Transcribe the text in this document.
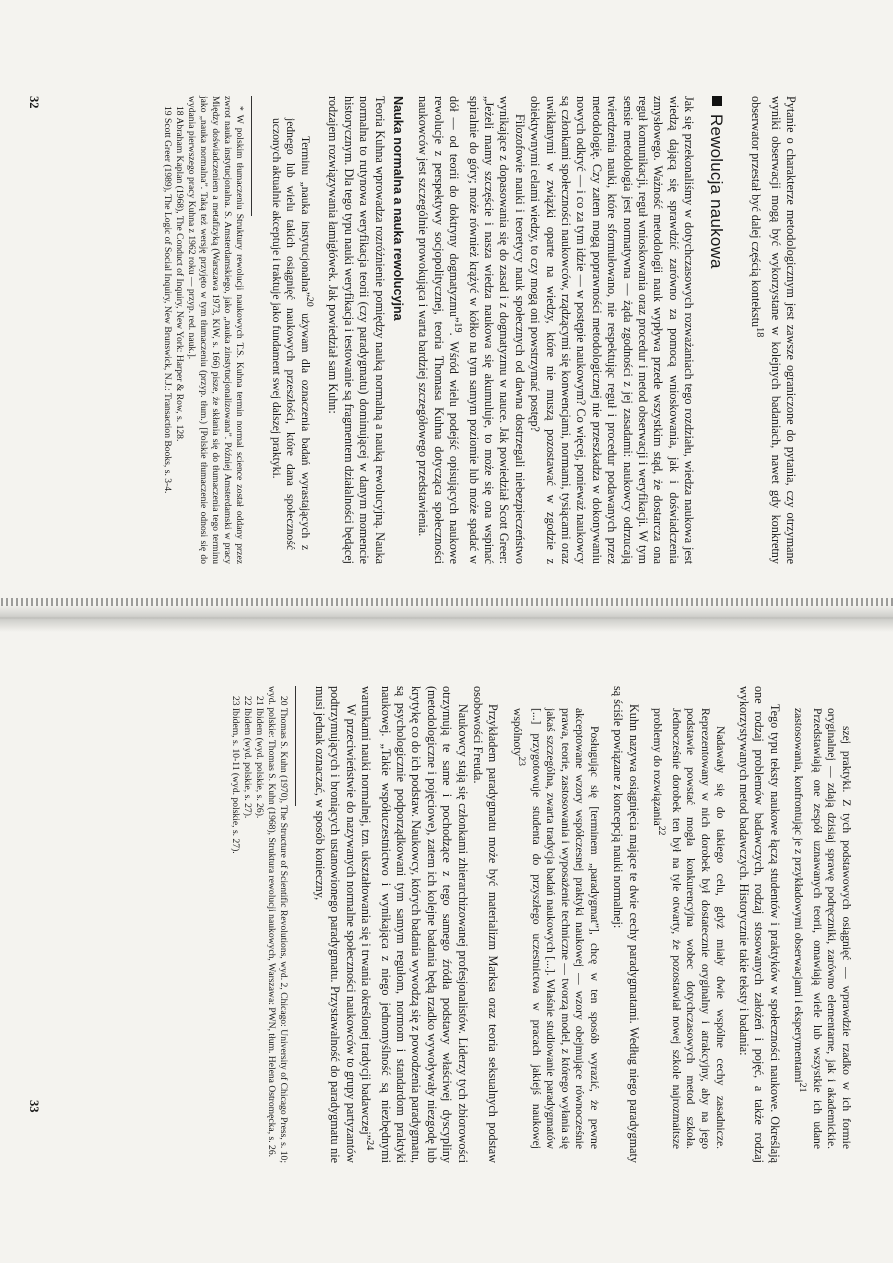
Pytanie o charakterze metodologicznym jest zawsze ograniczone do pytania, czy otrzymane wyniki obserwacji mogą być wykorzystane w kolejnych badaniach, nawet gdy konkretny obserwator przestał być dalej częścią kontekstu$^{18}$

Rewolucja naukowa

Jak się przekonaliśmy w dotychczasowych rozważaniach tego rozdziału, wiedza naukowa jest wiedzą dającą się sprawdzić zarówno za pomocą wnioskowania, jak i doświadczenia zmysłowego. Ważność metodologii nauk wypływa przede wszystkim stąd, że dostarcza ona reguł komunikacji, reguł wnioskowania oraz procedur i metod obserwacji i weryfikacji. W tym sensie metodologia jest normatywna — żąda zgodności z jej zasadami: naukowcy odrzucają twierdzenia nauki, które sformułowano, nie respektując reguł i procedur podawanych przez metodologię. Czy zatem mogą poprawności metodologicznej nie przeszkadza w dokonywaniu nowych odkryć — i co za tym idzie — w postępie naukowym? Co więcej, ponieważ naukowcy są członkami społeczności naukowców, rządzącymi się konwencjami, normami, tysiącami oraz uwikłanymi w związki oparte na wiedzy, które nie muszą pozostawać w zgodzie z obiektywnymi celami wiedzy, to czy mogą oni powstrzymać postęp?

Filozofowie nauki i teoretycy nauk społecznych od dawna dostrzegali niebezpieczeństwo wynikające z dopasowania się do zasad i z dogmatyzmu w nauce. Jak powiedział Scott Greer: „Jeżeli mamy szczęście i nasza wiedza naukowa się akumuluje, to może się ona wspinać spiralnie do góry; może również krążyć w kółko na tym samym poziomie lub może spadać w dół — od teorii do doktryny dogmatyzmu”$^{19}$. Wśród wielu podejść opisujących naukowe rewolucje z perspektywy socjopolitycznej, teoria Thomasa Kuhna dotycząca społeczności naukowców jest szczególnie prowokująca i warta bardziej szczegółowego przedstawienia.

Nauka normalna a nauka rewolucyjna

Teoria Kuhna wprowadza rozróżnienie pomiędzy nauką normalną a nauką rewolucyjną. Nauka normalna to rutynowa weryfikacja teorii (czy paradygmatu) dominującej w danym momencie historycznym. Dla tego typu nauki weryfikacja i testowanie są fragmentem działalności będącej rodzajem rozwiązywania łamigłówek. Jak powiedział sam Kuhn:

Terminu „nauka instytucjonalna”$^{20}$ używam dla oznaczenia badań wyrastających z jednego lub wielu takich osiągnięć naukowych przeszłości, które dana społeczność uczonych aktualnie akceptuje i traktuje jako fundament swej dalszej praktyki.

* W polskim tłumaczeniu Struktury rewolucji naukowych T.S. Kuhna termin normal science został oddany przez zwrot nauka instytucjonalna. S. Amsterdamskiego, jako „nauka zinstytucjonalizowana”. Później Amsterdamski w pracy Między doświadczeniem a metafizyką (Warszawa 1973, KiW, s. 166) pisze, że skłania się do tłumaczenia tego terminu jako „nauka normalna”. Taką też wersję przyjęto w tym tłumaczeniu (przyp. tłum.) [Polskie tłumaczenie odnosi się do wydania pierwszego pracy Kuhna z 1962 roku — przyp. red. nauk.].

18 Abraham Kaplan (1968), The Conduct of Inquiry, New York: Harper & Row, s. 128.

19 Scott Greer (1989), The Logic of Social Inquiry, New Brunswick, N.J.: Transaction Books, s. 3-4.

32

szej praktyki. Z tych podstawowych osiągnięć — wprawdzie rzadko w ich formie oryginalnej — zdają dzisiaj sprawę podręczniki, zarówno elementarne, jak i akademickie. Przedstawiają one zespół uznawanych teorii, omawiają wiele lub wszystkie ich udane zastosowania, konfrontując je z przykładowymi obserwacjami i eksperymentami$^{21}$

Tego typu teksty naukowe łączą studentów i praktyków w społeczności naukowe. Określają one rodzaj problemów badawczych, rodzaj stosowanych założeń i pojęć, a także rodzaj wykorzystywanych metod badawczych. Historycznie takie teksty i badania:

Nadawały się do takiego celu, gdyż miały dwie wspólne cechy zasadnicze. Reprezentowany w nich dorobek był dostatecznie oryginalny i atrakcyjny, aby na jego podstawie powstać mogła konkurencyjna wobec dotychczasowych metod szkoła. Jednocześnie dorobek ten był na tyle otwarty, że pozostawiał nowej szkole najrozmaitsze problemy do rozwiązania$^{22}$

Kuhn nazywa osiągnięcia mające te dwie cechy paradygmatami. Według niego paradygmaty są ściśle powiązane z koncepcją nauki normalnej:

Posługując się [terminem „paradygmat”], chcę w ten sposób wyrazić, że pewne akceptowane wzory współczesnej praktyki naukowej — wzory obejmujące równocześnie prawa, teorie, zastosowania i wyposażenie techniczne — tworzą model, z którego wyłania się jakaś szczególna, zwarta tradycja badań naukowych [...]. Właśnie studiowanie paradygmatów [...] przygotowuje studenta do przyszłego uczestnictwa w pracach jakiejś naukowej wspólnoty$^{23}$

Przykładem paradygmatu może być materializm Marksa oraz teoria seksualnych podstaw osobowości Freuda.

Naukowcy stają się członkami zhierarchizowanej profesjonalistów. Liderzy tych zbiorowości otrzymują te same i pochodzące z tego samego źródła podstawy właściwej dyscypliny (metodologiczne i pojęciowe), zatem ich kolejne badania będą rzadko wywoływały niezgodę lub krytykę co do ich podstaw. Naukowcy, których badania wywodzą się z powodzenia paradygmatu, są psychologicznie podporządkowani tym samym regułom, normom i standardom praktyki naukowej. „Takie współuczestnictwo i wynikająca z niego jednomyślność są niezbędnymi warunkami nauki normalnej, tzn. ukształtowania się i trwania określonej tradycji badawczej”$^{24}$

W przeciwieństwie do nazywanych normalne społeczności naukowców to grupy partyzantów podtrzymujących i broniących ustanowionego paradygmatu. Przystawalność do paradygmatu nie musi jednak oznaczać, w sposób konieczny,

20 Thomas S. Kuhn (1970), The Structure of Scientific Revolutions, wyd. 2, Chicago: University of Chicago Press, s. 10; wyd. polskie: Thomas S. Kuhn (1968), Struktura rewolucji naukowych, Warszawa: PWN, tłum. Helena Ostromęcka, s. 26.

21 Ibidem (wyd. polskie, s. 26).

22 Ibidem (wyd. polskie, s. 27).

23 Ibidem, s. 10-11 (wyd. polskie, s. 27).

33
